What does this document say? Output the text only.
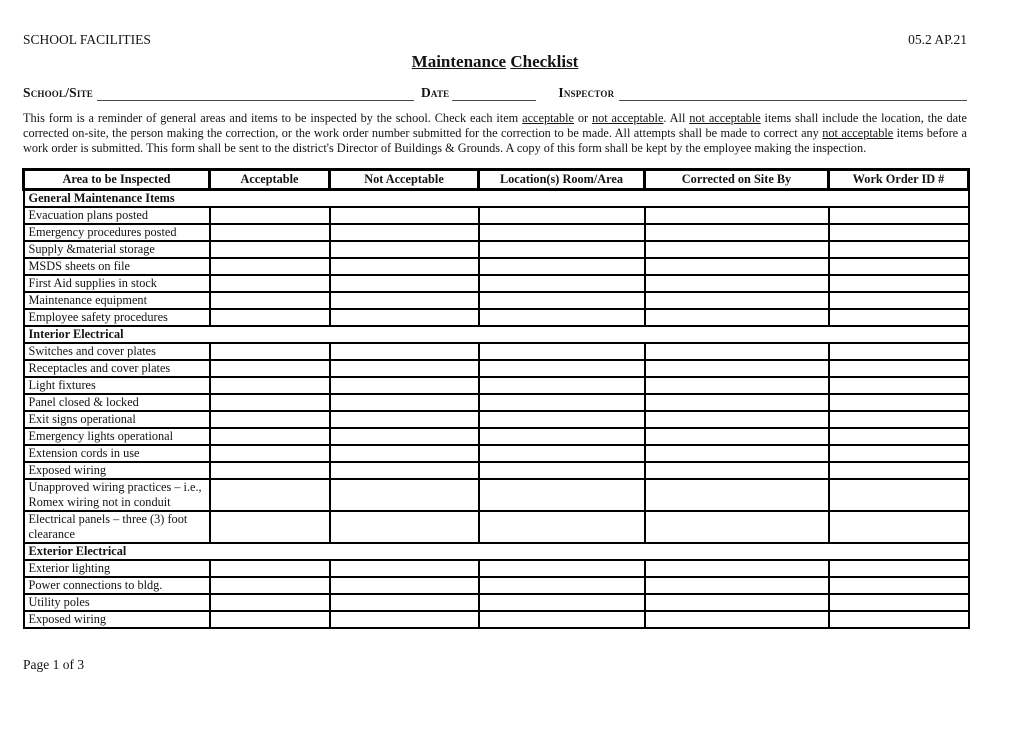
SCHOOL FACILITIES	05.2 AP.21
Maintenance Checklist
School/Site	Date	Inspector
This form is a reminder of general areas and items to be inspected by the school. Check each item acceptable or not acceptable. All not acceptable items shall include the location, the date corrected on-site, the person making the correction, or the work order number submitted for the correction to be made. All attempts shall be made to correct any not acceptable items before a work order is submitted. This form shall be sent to the district's Director of Buildings & Grounds. A copy of this form shall be kept by the employee making the inspection.
Area to be Inspected	Acceptable	Not Acceptable	Location(s) Room/Area	Corrected on Site By	Work Order ID #
General Maintenance Items					
Evacuation plans posted					
Emergency procedures posted					
Supply &material storage					
MSDS sheets on file					
First Aid supplies in stock					
Maintenance equipment					
Employee safety procedures					
Interior Electrical					
Switches and cover plates					
Receptacles and cover plates					
Light fixtures					
Panel closed & locked					
Exit signs operational					
Emergency lights operational					
Extension cords in use					
Exposed wiring					
Unapproved wiring practices – i.e., Romex wiring not in conduit					
Electrical panels – three (3) foot clearance					
Exterior Electrical					
Exterior lighting					
Power connections to bldg.					
Utility poles					
Exposed wiring					
Page 1 of 3
